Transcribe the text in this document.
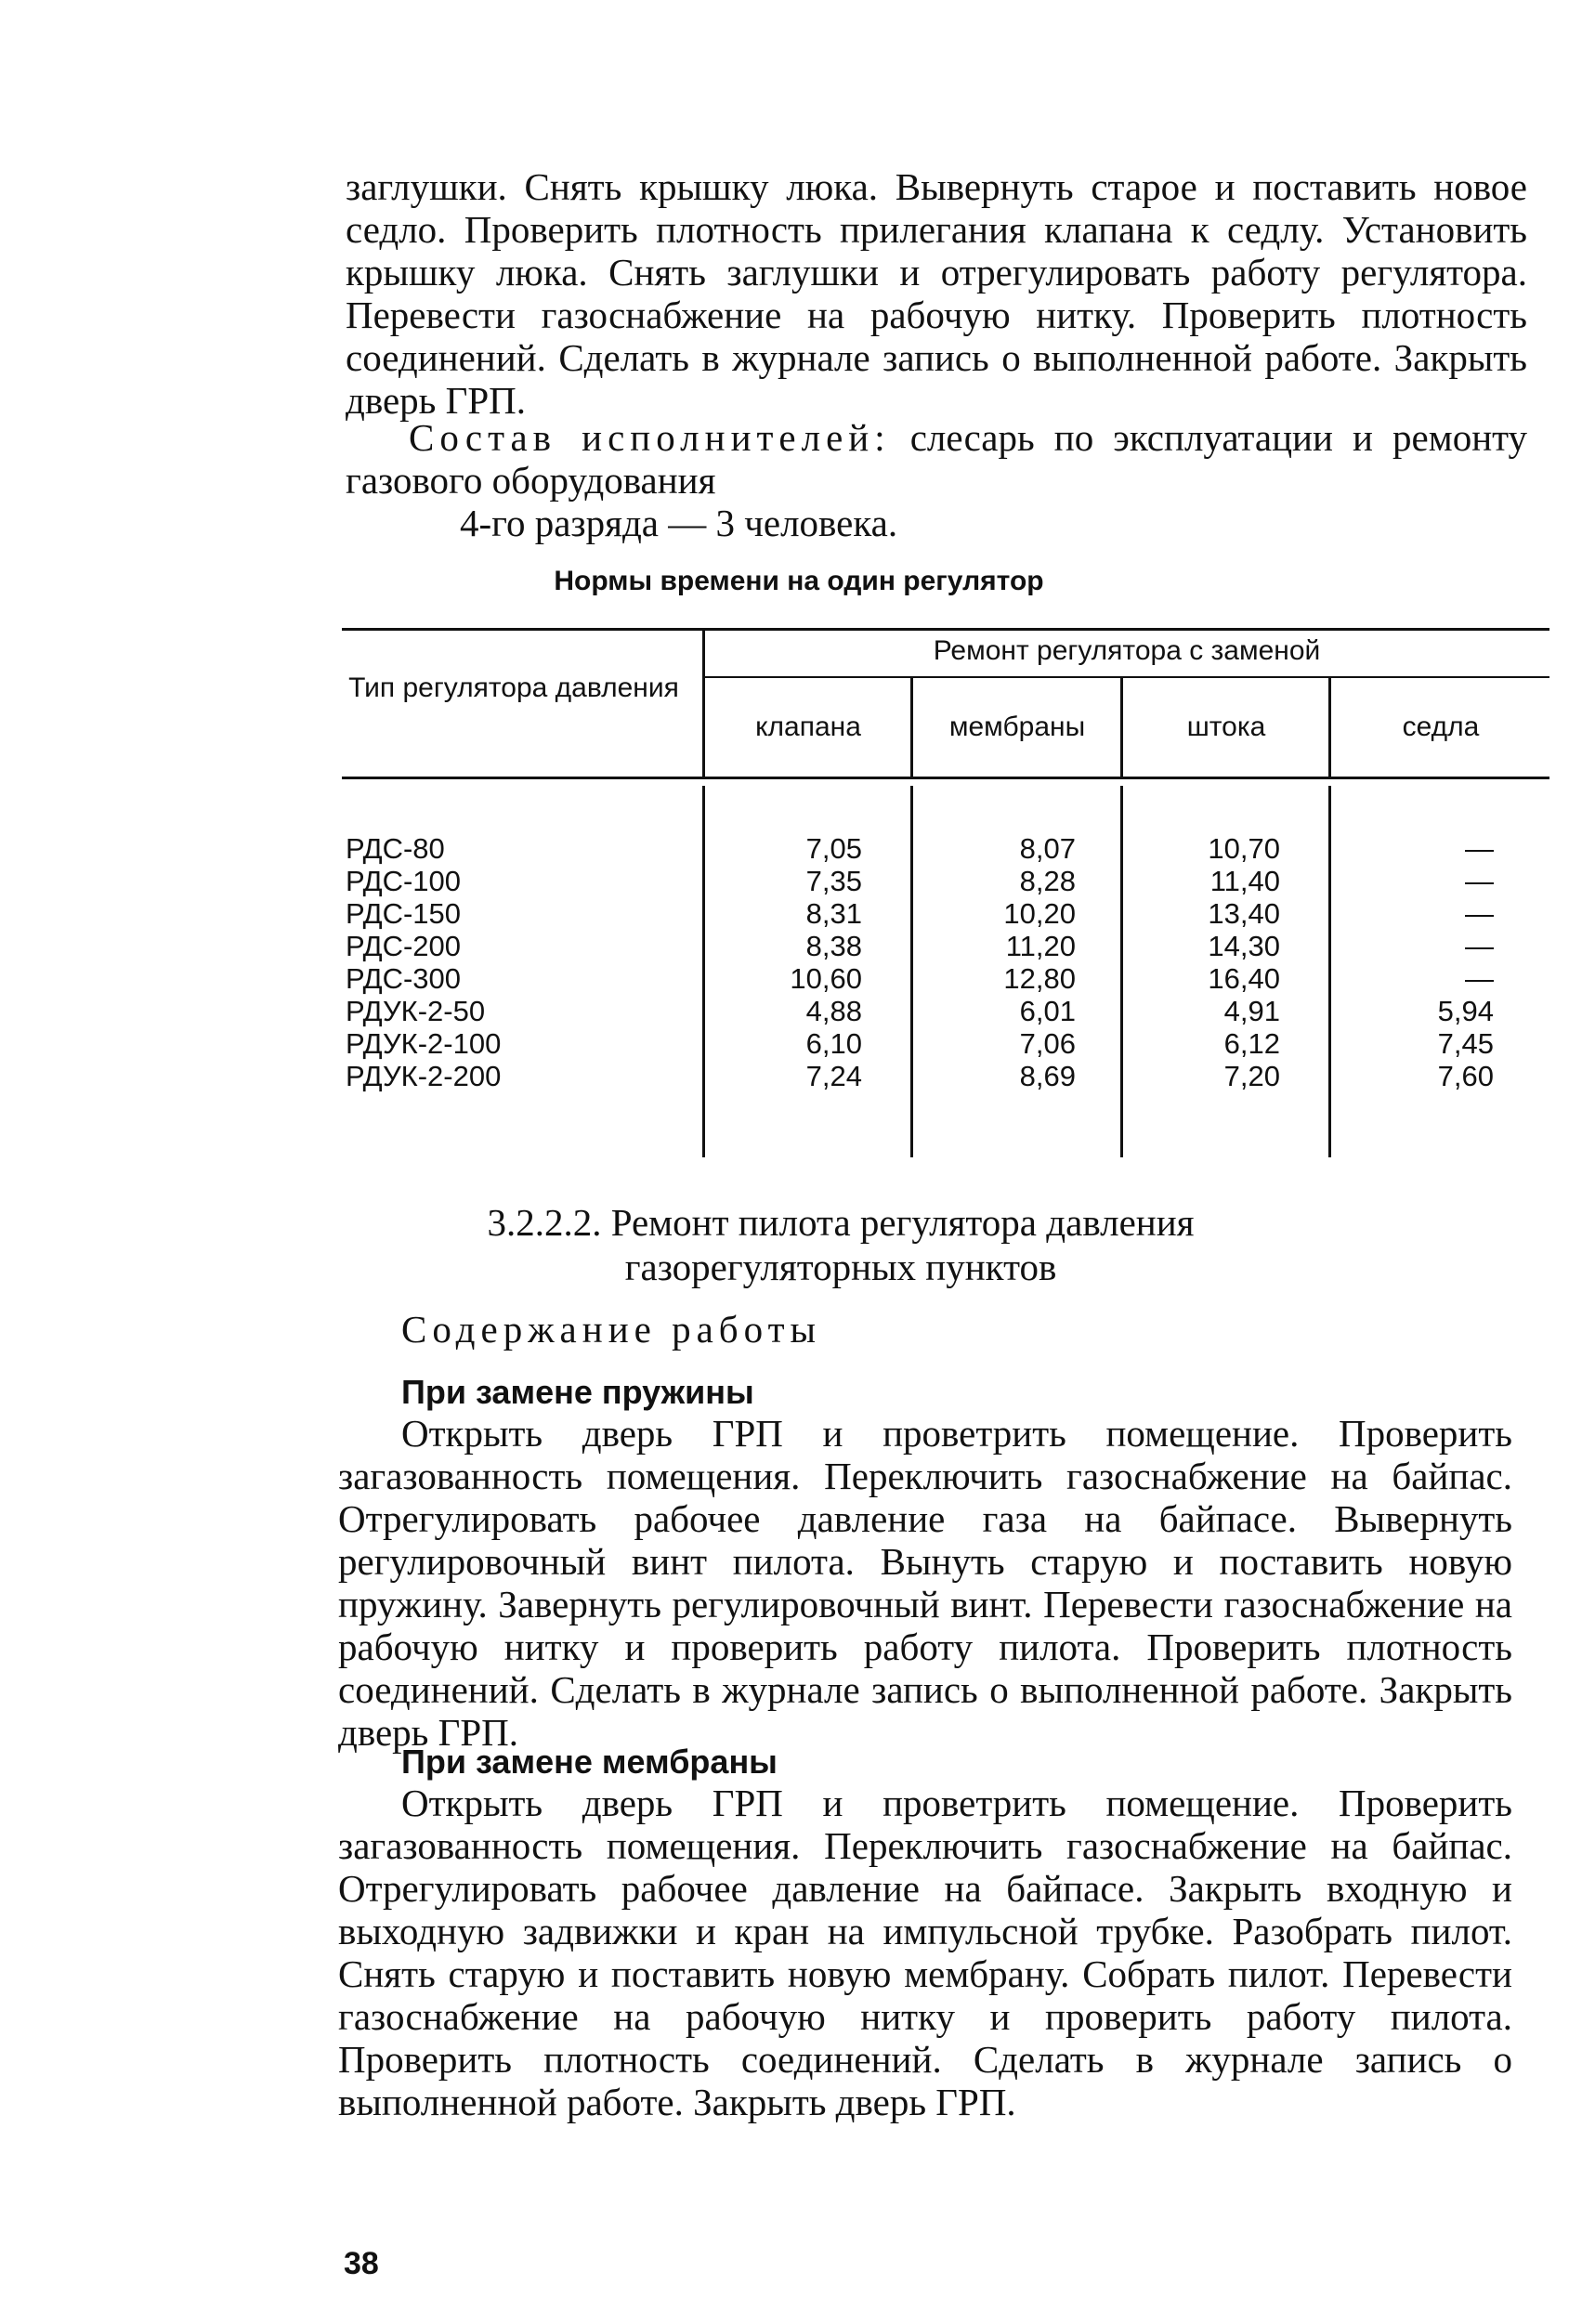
заглушки. Снять крышку люка. Вывернуть старое и поставить новое седло. Проверить плотность прилегания клапана к седлу. Установить крышку люка. Снять заглушки и отрегулировать работу регулятора. Перевести газоснабжение на рабочую нитку. Проверить плотность соединений. Сделать в журнале запись о выполненной работе. Закрыть дверь ГРП.

Состав исполнителей: слесарь по эксплуатации и ремонту газового оборудования

4-го разряда — 3 человека.

Нормы времени на один регулятор
Тип регулятора давления
Ремонт регулятора с заменой
клапана	мембраны	штока	седла
РДС-80	7,05	8,07	10,70	—
РДС-100	7,35	8,28	11,40	—
РДС-150	8,31	10,20	13,40	—
РДС-200	8,38	11,20	14,30	—
РДС-300	10,60	12,80	16,40	—
РДУК-2-50	4,88	6,01	4,91	5,94
РДУК-2-100	6,10	7,06	6,12	7,45
РДУК-2-200	7,24	8,69	7,20	7,60
3.2.2.2. Ремонт пилота регулятора давления
газорегуляторных пунктов

Содержание работы

При замене пружины

Открыть дверь ГРП и проветрить помещение. Проверить загазованность помещения. Переключить газоснабжение на байпас. Отрегулировать рабочее давление газа на байпасе. Вывернуть регулировочный винт пилота. Вынуть старую и поставить новую пружину. Завернуть регулировочный винт. Перевести газоснабжение на рабочую нитку и проверить работу пилота. Проверить плотность соединений. Сделать в журнале запись о выполненной работе. Закрыть дверь ГРП.

При замене мембраны

Открыть дверь ГРП и проветрить помещение. Проверить загазованность помещения. Переключить газоснабжение на байпас. Отрегулировать рабочее давление на байпасе. Закрыть входную и выходную задвижки и кран на импульсной трубке. Разобрать пилот. Снять старую и поставить новую мембрану. Собрать пилот. Перевести газоснабжение на рабочую нитку и проверить работу пилота. Проверить плотность соединений. Сделать в журнале запись о выполненной работе. Закрыть дверь ГРП.

38
